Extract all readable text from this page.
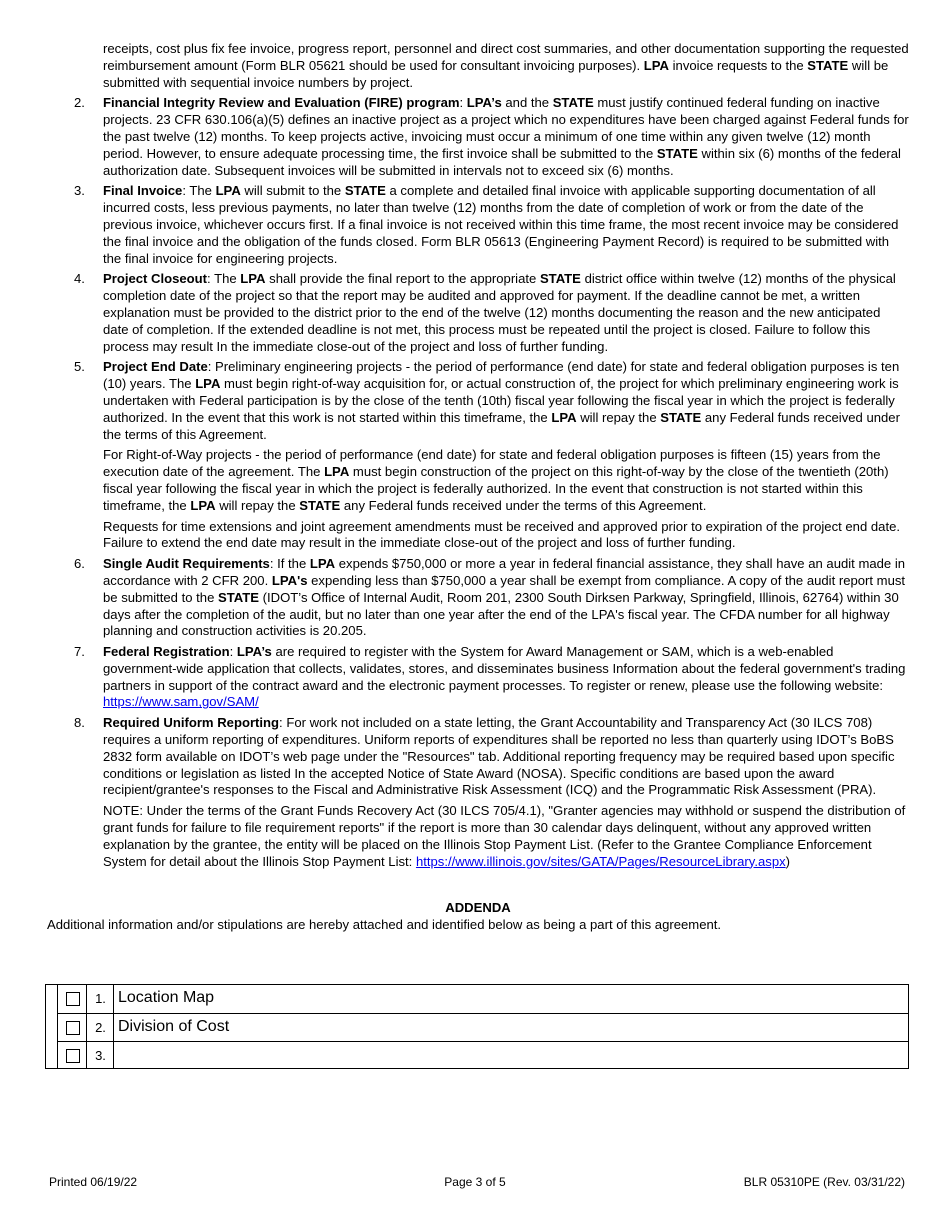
receipts, cost plus fix fee invoice, progress report, personnel and direct cost summaries, and other documentation supporting the requested reimbursement amount (Form BLR 05621 should be used for consultant invoicing purposes). LPA invoice requests to the STATE will be submitted with sequential invoice numbers by project.

2. Financial Integrity Review and Evaluation (FIRE) program: LPA’s and the STATE must justify continued federal funding on inactive projects. 23 CFR 630.106(a)(5) defines an inactive project as a project which no expenditures have been charged against Federal funds for the past twelve (12) months. To keep projects active, invoicing must occur a minimum of one time within any given twelve (12) month period. However, to ensure adequate processing time, the first invoice shall be submitted to the STATE within six (6) months of the federal authorization date. Subsequent invoices will be submitted in intervals not to exceed six (6) months.

3. Final Invoice: The LPA will submit to the STATE a complete and detailed final invoice with applicable supporting documentation of all incurred costs, less previous payments, no later than twelve (12) months from the date of completion of work or from the date of the previous invoice, whichever occurs first. If a final invoice is not received within this time frame, the most recent invoice may be considered the final invoice and the obligation of the funds closed. Form BLR 05613 (Engineering Payment Record) is required to be submitted with the final invoice for engineering projects.

4. Project Closeout: The LPA shall provide the final report to the appropriate STATE district office within twelve (12) months of the physical completion date of the project so that the report may be audited and approved for payment. If the deadline cannot be met, a written explanation must be provided to the district prior to the end of the twelve (12) months documenting the reason and the new anticipated date of completion. If the extended deadline is not met, this process must be repeated until the project is closed. Failure to follow this process may result In the immediate close-out of the project and loss of further funding.

5. Project End Date: Preliminary engineering projects - the period of performance (end date) for state and federal obligation purposes is ten (10) years. The LPA must begin right-of-way acquisition for, or actual construction of, the project for which preliminary engineering work is undertaken with Federal participation is by the close of the tenth (10th) fiscal year following the fiscal year in which the project is federally authorized. In the event that this work is not started within this timeframe, the LPA will repay the STATE any Federal funds received under the terms of this Agreement.

For Right-of-Way projects - the period of performance (end date) for state and federal obligation purposes is fifteen (15) years from the execution date of the agreement. The LPA must begin construction of the project on this right-of-way by the close of the twentieth (20th) fiscal year following the fiscal year in which the project is federally authorized. In the event that construction is not started within this timeframe, the LPA will repay the STATE any Federal funds received under the terms of this Agreement.

Requests for time extensions and joint agreement amendments must be received and approved prior to expiration of the project end date. Failure to extend the end date may result in the immediate close-out of the project and loss of further funding.

6. Single Audit Requirements: If the LPA expends $750,000 or more a year in federal financial assistance, they shall have an audit made in accordance with 2 CFR 200. LPA's expending less than $750,000 a year shall be exempt from compliance. A copy of the audit report must be submitted to the STATE (IDOT’s Office of Internal Audit, Room 201, 2300 South Dirksen Parkway, Springfield, Illinois, 62764) within 30 days after the completion of the audit, but no later than one year after the end of the LPA's fiscal year. The CFDA number for all highway planning and construction activities is 20.205.

7. Federal Registration: LPA’s are required to register with the System for Award Management or SAM, which is a web-enabled government-wide application that collects, validates, stores, and disseminates business Information about the federal government's trading partners in support of the contract award and the electronic payment processes. To register or renew, please use the following website: https://www.sam,gov/SAM/

8. Required Uniform Reporting: For work not included on a state letting, the Grant Accountability and Transparency Act (30 ILCS 708) requires a uniform reporting of expenditures. Uniform reports of expenditures shall be reported no less than quarterly using IDOT’s BoBS 2832 form available on IDOT’s web page under the "Resources" tab. Additional reporting frequency may be required based upon specific conditions or legislation as listed In the accepted Notice of State Award (NOSA). Specific conditions are based upon the award recipient/grantee's responses to the Fiscal and Administrative Risk Assessment (ICQ) and the Programmatic Risk Assessment (PRA).

NOTE: Under the terms of the Grant Funds Recovery Act (30 ILCS 705/4.1), "Granter agencies may withhold or suspend the distribution of grant funds for failure to file requirement reports" if the report is more than 30 calendar days delinquent, without any approved written explanation by the grantee, the entity will be placed on the Illinois Stop Payment List. (Refer to the Grantee Compliance Enforcement System for detail about the Illinois Stop Payment List: https://www.illinois.gov/sites/GATA/Pages/ResourceLibrary.aspx)

ADDENDA

Additional information and/or stipulations are hereby attached and identified below as being a part of this agreement.

1. Location Map
2. Division of Cost
3.
Printed 06/19/22	Page 3 of 5	BLR 05310PE (Rev. 03/31/22)
